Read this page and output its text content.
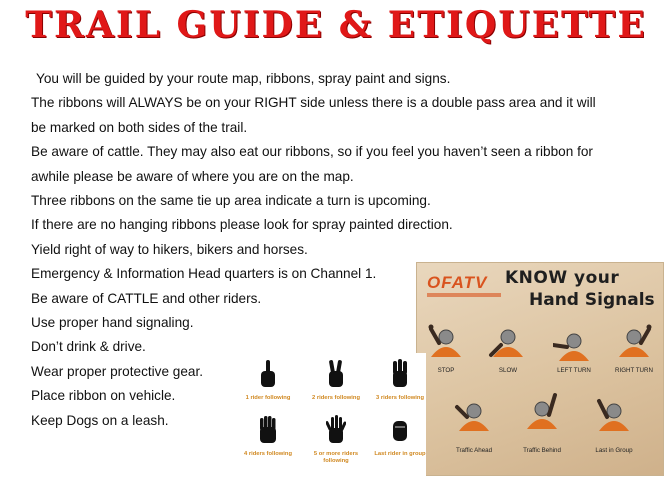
TRAIL GUIDE & ETIQUETTE
You will be guided by your route map, ribbons, spray paint and signs.
The ribbons will ALWAYS be on your RIGHT side unless there is a double pass area and it will
be marked on both sides of the trail.
Be aware of cattle. They may also eat our ribbons, so if you feel you haven’t seen a ribbon for
awhile please be aware of where you are on the map.
Three ribbons on the same tie up area indicate a turn is upcoming.
If there are no hanging ribbons please look for spray painted direction.
Yield right of way to hikers, bikers and horses.
Emergency & Information Head quarters is on Channel 1.
Be aware of CATTLE and other riders.
Use proper hand signaling.
Don’t drink & drive.
Wear proper protective gear.
Place ribbon on vehicle.
Keep Dogs on a leash.
OFATV	KNOW your
Hand Signals
STOP	SLOW	LEFT TURN	RIGHT TURN
Traffic Ahead	Traffic Behind	Last in Group
1 rider following	2 riders following	3 riders following
4 riders following	5 or more riders following
Last rider in group
